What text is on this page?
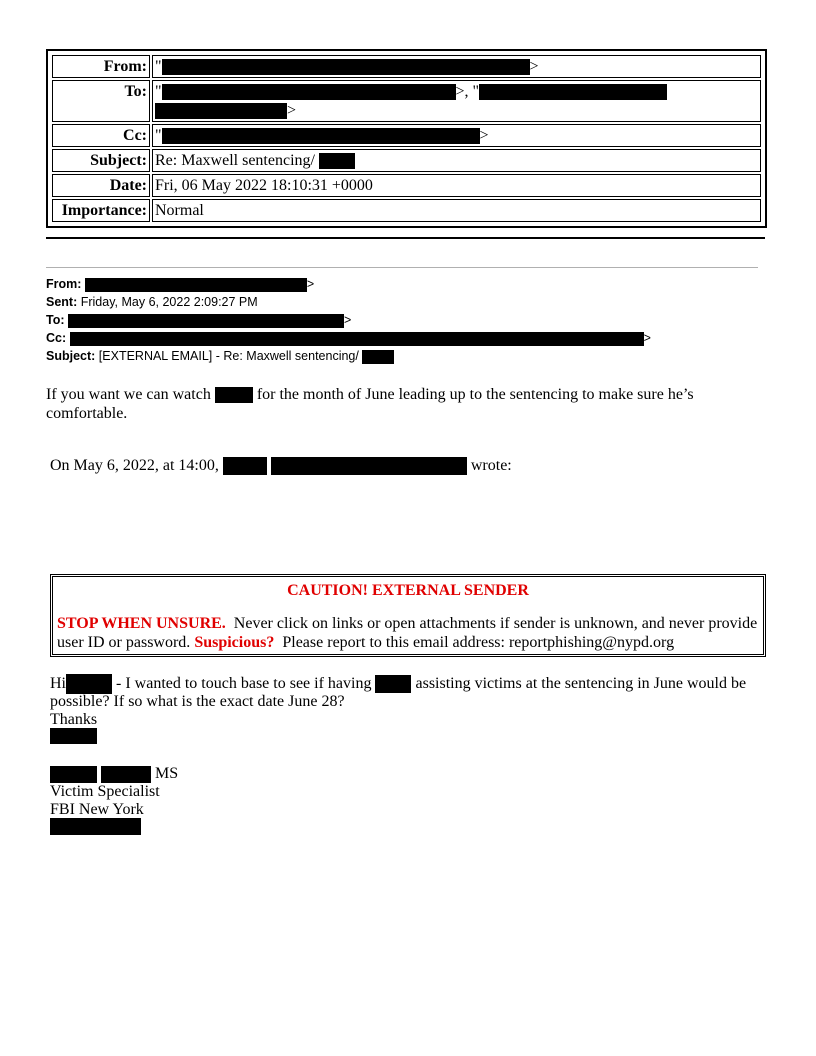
From:	" >
To:	" >, "
>
Cc:	" >
Subject:	Re: Maxwell sentencing/
Date:	Fri, 06 May 2022 18:10:31 +0000
Importance:	Normal
From:	>
Sent: Friday, May 6, 2022 2:09:27 PM
To:	>
Cc:	>
Subject: [EXTERNAL EMAIL] - Re: Maxwell sentencing/
If you want we can watch	for the month of June leading up to the sentencing to make sure he’s
comfortable.
On May 6, 2022, at 14:00,	wrote:
CAUTION! EXTERNAL SENDER
STOP WHEN UNSURE. Never click on links or open attachments if sender is unknown, and never provide
user ID or password. Suspicious? Please report to this email address: reportphishing@nypd.org
Hi	- I wanted to touch base to see if having	assisting victims at the sentencing in June would be
possible? If so what is the exact date June 28?
Thanks
MS
Victim Specialist
FBI New York
